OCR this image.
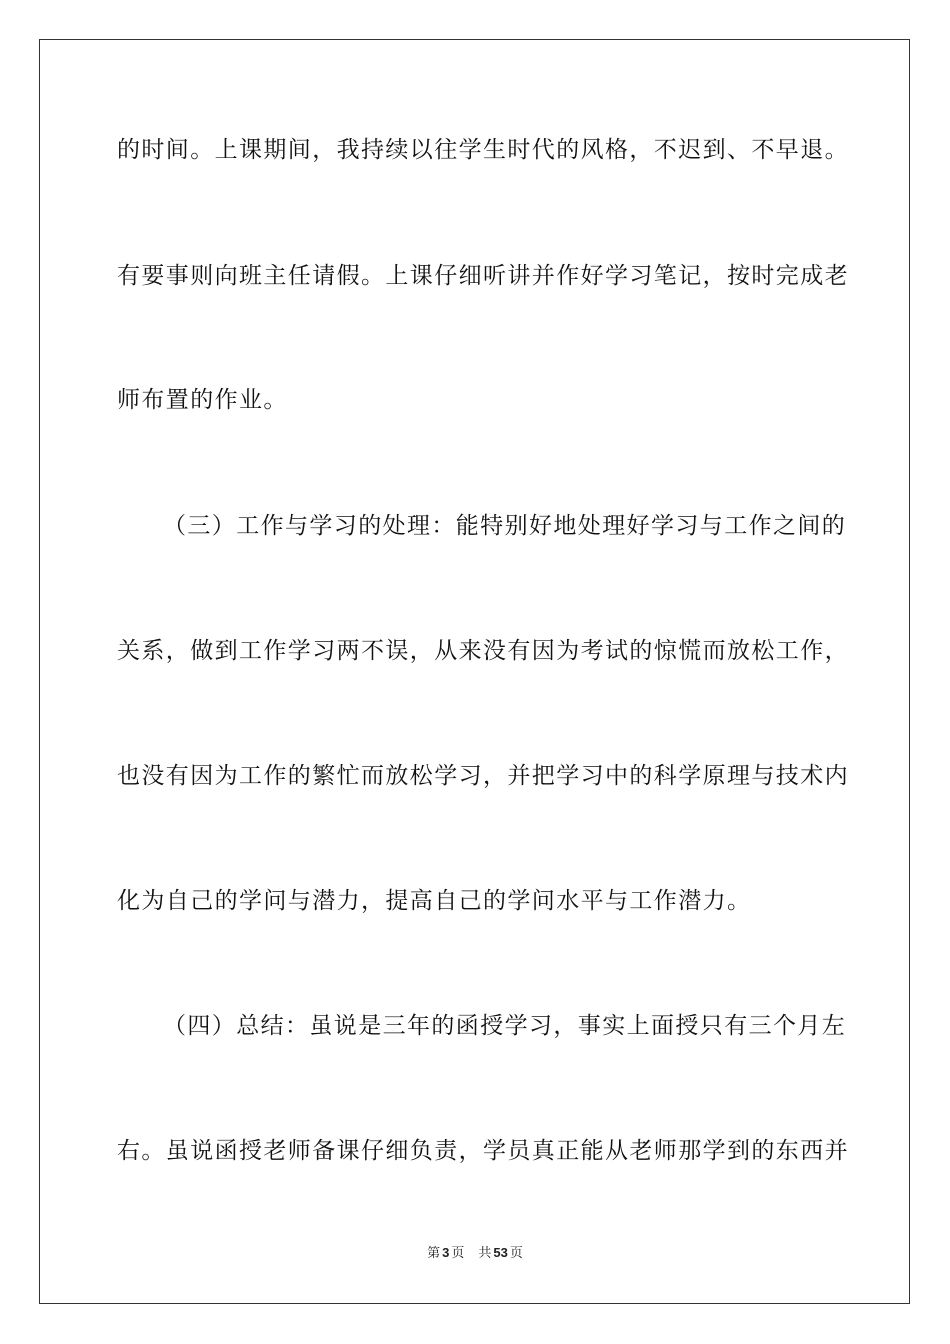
的时间。上课期间，我持续以往学生时代的风格，不迟到、不早退。
有要事则向班主任请假。上课仔细听讲并作好学习笔记，按时完成老
师布置的作业。
（三）工作与学习的处理：能特别好地处理好学习与工作之间的
关系，做到工作学习两不误，从来没有因为考试的惊慌而放松工作，
也没有因为工作的繁忙而放松学习，并把学习中的科学原理与技术内
化为自己的学问与潜力，提高自己的学问水平与工作潜力。
（四）总结：虽说是三年的函授学习，事实上面授只有三个月左
右。虽说函授老师备课仔细负责，学员真正能从老师那学到的东西并
第 3 页 共 53 页
